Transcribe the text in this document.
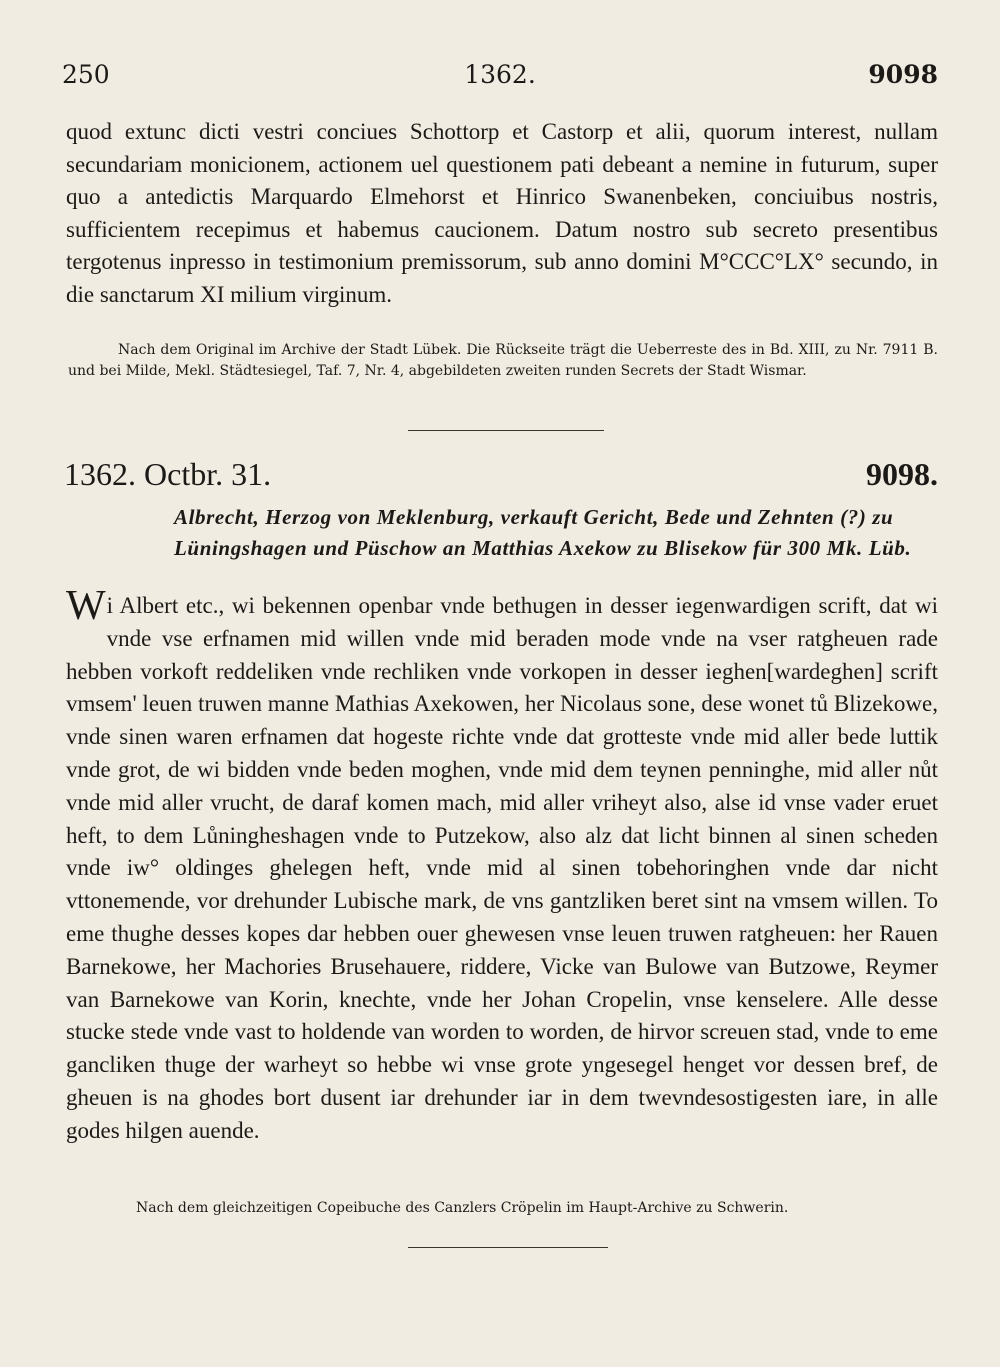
250	1362.	9098

quod extunc dicti vestri conciues Schottorp et Castorp et alii, quorum interest, nullam secundariam monicionem, actionem uel questionem pati debeant a nemine in futurum, super quo a antedictis Marquardo Elmehorst et Hinrico Swanenbeken, conciuibus nostris, sufficientem recepimus et habemus caucionem. Datum nostro sub secreto presentibus tergotenus inpresso in testimonium premissorum, sub anno domini M°CCC°LX° secundo, in die sanctarum XI milium virginum.

Nach dem Original im Archive der Stadt Lübek. Die Rückseite trägt die Ueberreste des in Bd. XIII, zu Nr. 7911 B. und bei Milde, Mekl. Städtesiegel, Taf. 7, Nr. 4, abgebildeten zweiten runden Secrets der Stadt Wismar.

1362. Octbr. 31.	9098.

Albrecht, Herzog von Meklenburg, verkauft Gericht, Bede und Zehnten (?) zu Lüningshagen und Püschow an Matthias Axekow zu Blisekow für 300 Mk. Lüb.

Wi Albert etc., wi bekennen openbar vnde bethugen in desser iegenwardigen scrift, dat wi vnde vse erfnamen mid willen vnde mid beraden mode vnde na vser ratgheuen rade hebben vorkoft reddeliken vnde rechliken vnde vorkopen in desser ieghen[wardeghen] scrift vmsem' leuen truwen manne Mathias Axekowen, her Nicolaus sone, dese wonet tů Blizekowe, vnde sinen waren erfnamen dat hogeste richte vnde dat grotteste vnde mid aller bede luttik vnde grot, de wi bidden vnde beden moghen, vnde mid dem teynen penninghe, mid aller nůt vnde mid aller vrucht, de daraf komen mach, mid aller vriheyt also, alse id vnse vader eruet heft, to dem Lůningheshagen vnde to Putzekow, also alz dat licht binnen al sinen scheden vnde iw° oldinges ghelegen heft, vnde mid al sinen tobehoringhen vnde dar nicht vttonemende, vor drehunder Lubische mark, de vns gantzliken beret sint na vmsem willen. To eme thughe desses kopes dar hebben ouer ghewesen vnse leuen truwen ratgheuen: her Rauen Barnekowe, her Machories Brusehauere, riddere, Vicke van Bulowe van Butzowe, Reymer van Barnekowe van Korin, knechte, vnde her Johan Cropelin, vnse kenselere. Alle desse stucke stede vnde vast to holdende van worden to worden, de hirvor screuen stad, vnde to eme gancliken thuge der warheyt so hebbe wi vnse grote yngesegel henget vor dessen bref, de gheuen is na ghodes bort dusent iar drehunder iar in dem twevndesostigesten iare, in alle godes hilgen auende.

Nach dem gleichzeitigen Copeibuche des Canzlers Cröpelin im Haupt-Archive zu Schwerin.
